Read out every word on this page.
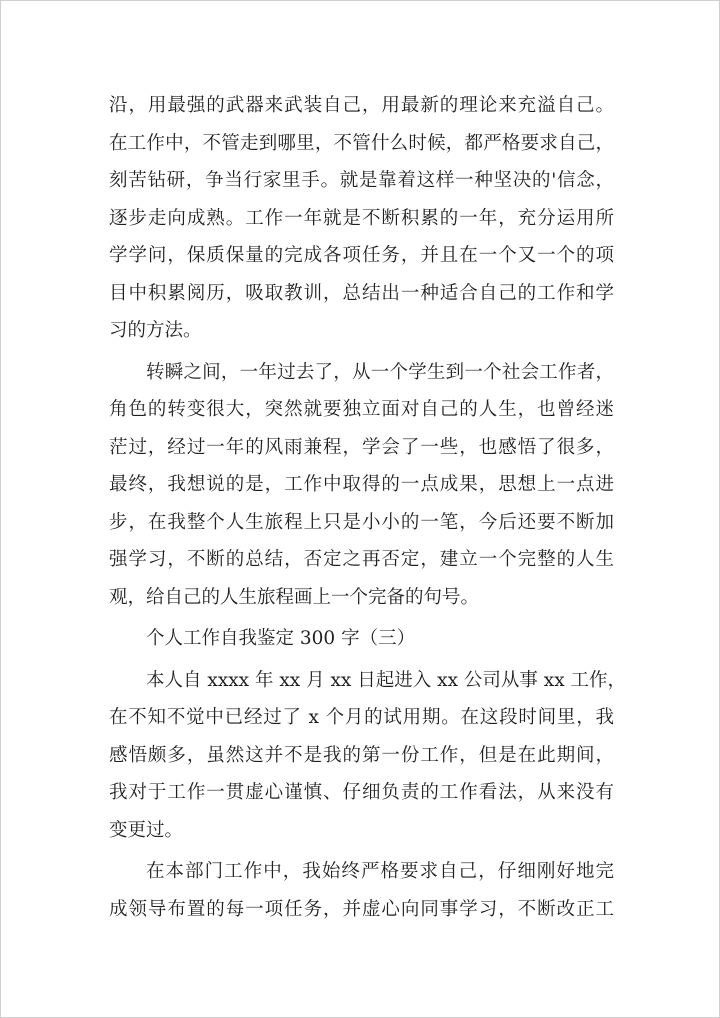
沿，用最强的武器来武装自己，用最新的理论来充溢自己。
在工作中，不管走到哪里，不管什么时候，都严格要求自己，
刻苦钻研，争当行家里手。就是靠着这样一种坚决的'信念，
逐步走向成熟。工作一年就是不断积累的一年，充分运用所
学学问，保质保量的完成各项任务，并且在一个又一个的项
目中积累阅历，吸取教训，总结出一种适合自己的工作和学
习的方法。
转瞬之间，一年过去了，从一个学生到一个社会工作者，
角色的转变很大，突然就要独立面对自己的人生，也曾经迷
茫过，经过一年的风雨兼程，学会了一些，也感悟了很多，
最终，我想说的是，工作中取得的一点成果，思想上一点进
步，在我整个人生旅程上只是小小的一笔，今后还要不断加
强学习，不断的总结，否定之再否定，建立一个完整的人生
观，给自己的人生旅程画上一个完备的句号。
个人工作自我鉴定 300 字（三）
本人自 xxxx 年 xx 月 xx 日起进入 xx 公司从事 xx 工作，
在不知不觉中已经过了 x 个月的试用期。在这段时间里，我
感悟颇多，虽然这并不是我的第一份工作，但是在此期间，
我对于工作一贯虚心谨慎、仔细负责的工作看法，从来没有
变更过。
在本部门工作中，我始终严格要求自己，仔细刚好地完
成领导布置的每一项任务，并虚心向同事学习，不断改正工
